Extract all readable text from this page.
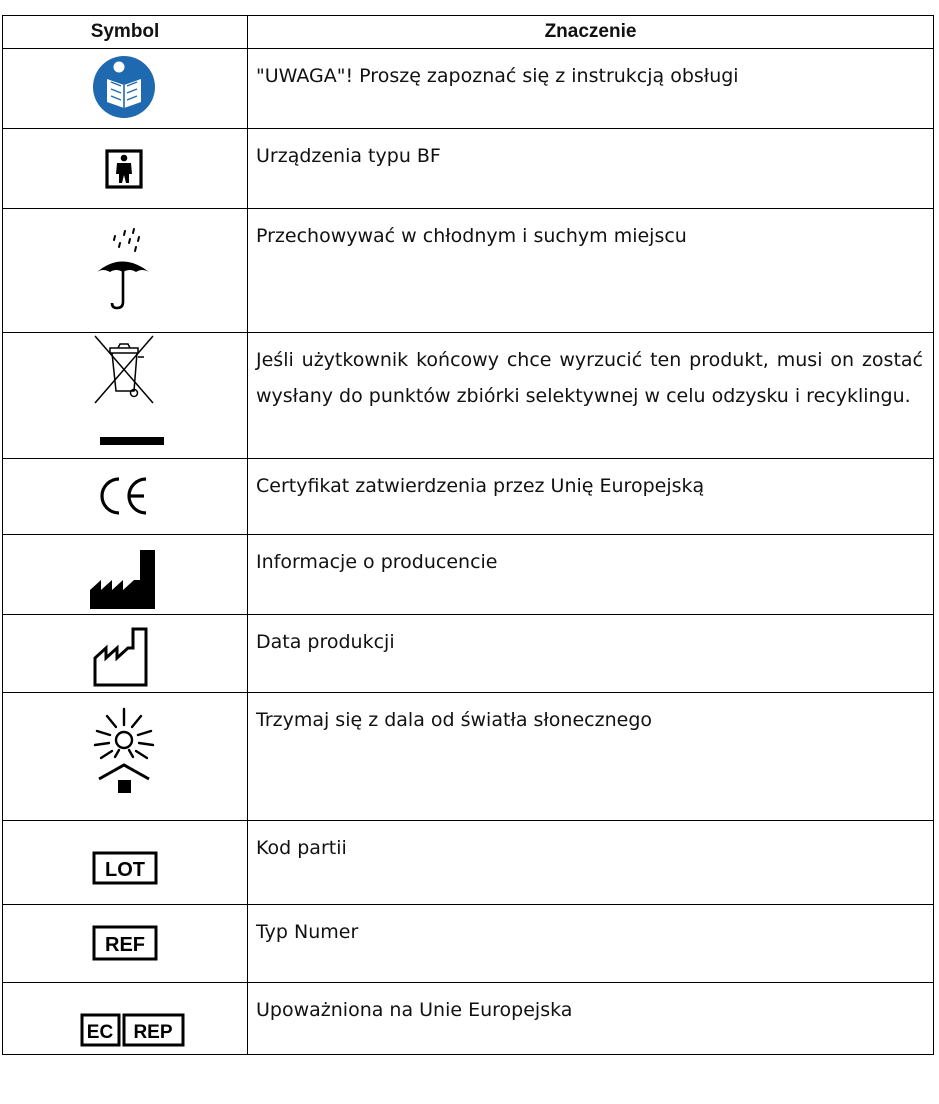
Symbol	Znaczenie

	"UWAGA"! Proszę zapoznać się z instrukcją obsługi

	Urządzenia typu BF

	Przechowywać w chłodnym i suchym miejscu

	Jeśli użytkownik końcowy chce wyrzucić ten produkt, musi on zostać wysłany do punktów zbiórki selektywnej w celu odzysku i recyklingu.

	Certyfikat zatwierdzenia przez Unię Europejską

	Informacje o producencie

	Data produkcji

	Trzymaj się z dala od światła słonecznego

LOT	Kod partii

REF	Typ Numer

EC REP	Upoważniona na Unie Europejska
